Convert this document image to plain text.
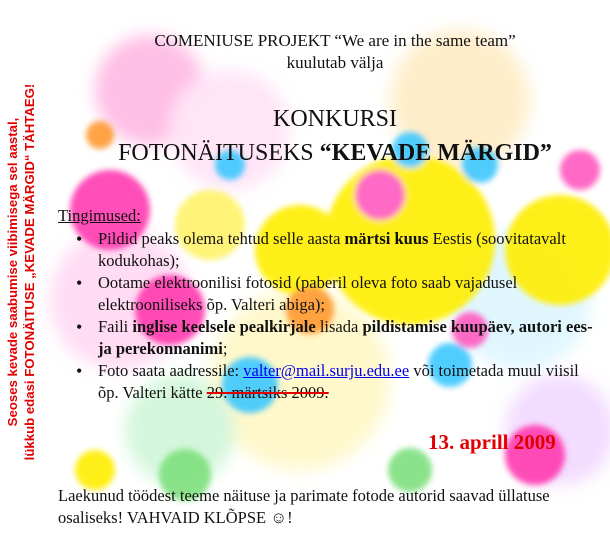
Seoses kevade saabumise viibimisega sel aastal, lükkub edasi FOTONÄITUSE „KEVADE MÄRGID“ TÄHTAEG!
COMENIUSE PROJEKT “We are in the same team”
kuulutab välja
KONKURSI
FOTONÄITUSEKS “KEVADE MÄRGID”
Tingimused:
• Pildid peaks olema tehtud selle aasta märtsi kuus Eestis (soovitatavalt kodukohas);
• Ootame elektroonilisi fotosid (paberil oleva foto saab vajadusel elektrooniliseks õp. Valteri abiga);
• Faili inglise keelsele pealkirjale lisada pildistamise kuupäev, autori ees- ja perekonnanimi;
• Foto saata aadressile: valter@mail.surju.edu.ee või toimetada muul viisil õp. Valteri kätte 29. märtsiks 2009.
13. aprill 2009
Laekunud töödest teeme näituse ja parimate fotode autorid saavad üllatuse osaliseks! VAHVAID KLÕPSE ☺!
